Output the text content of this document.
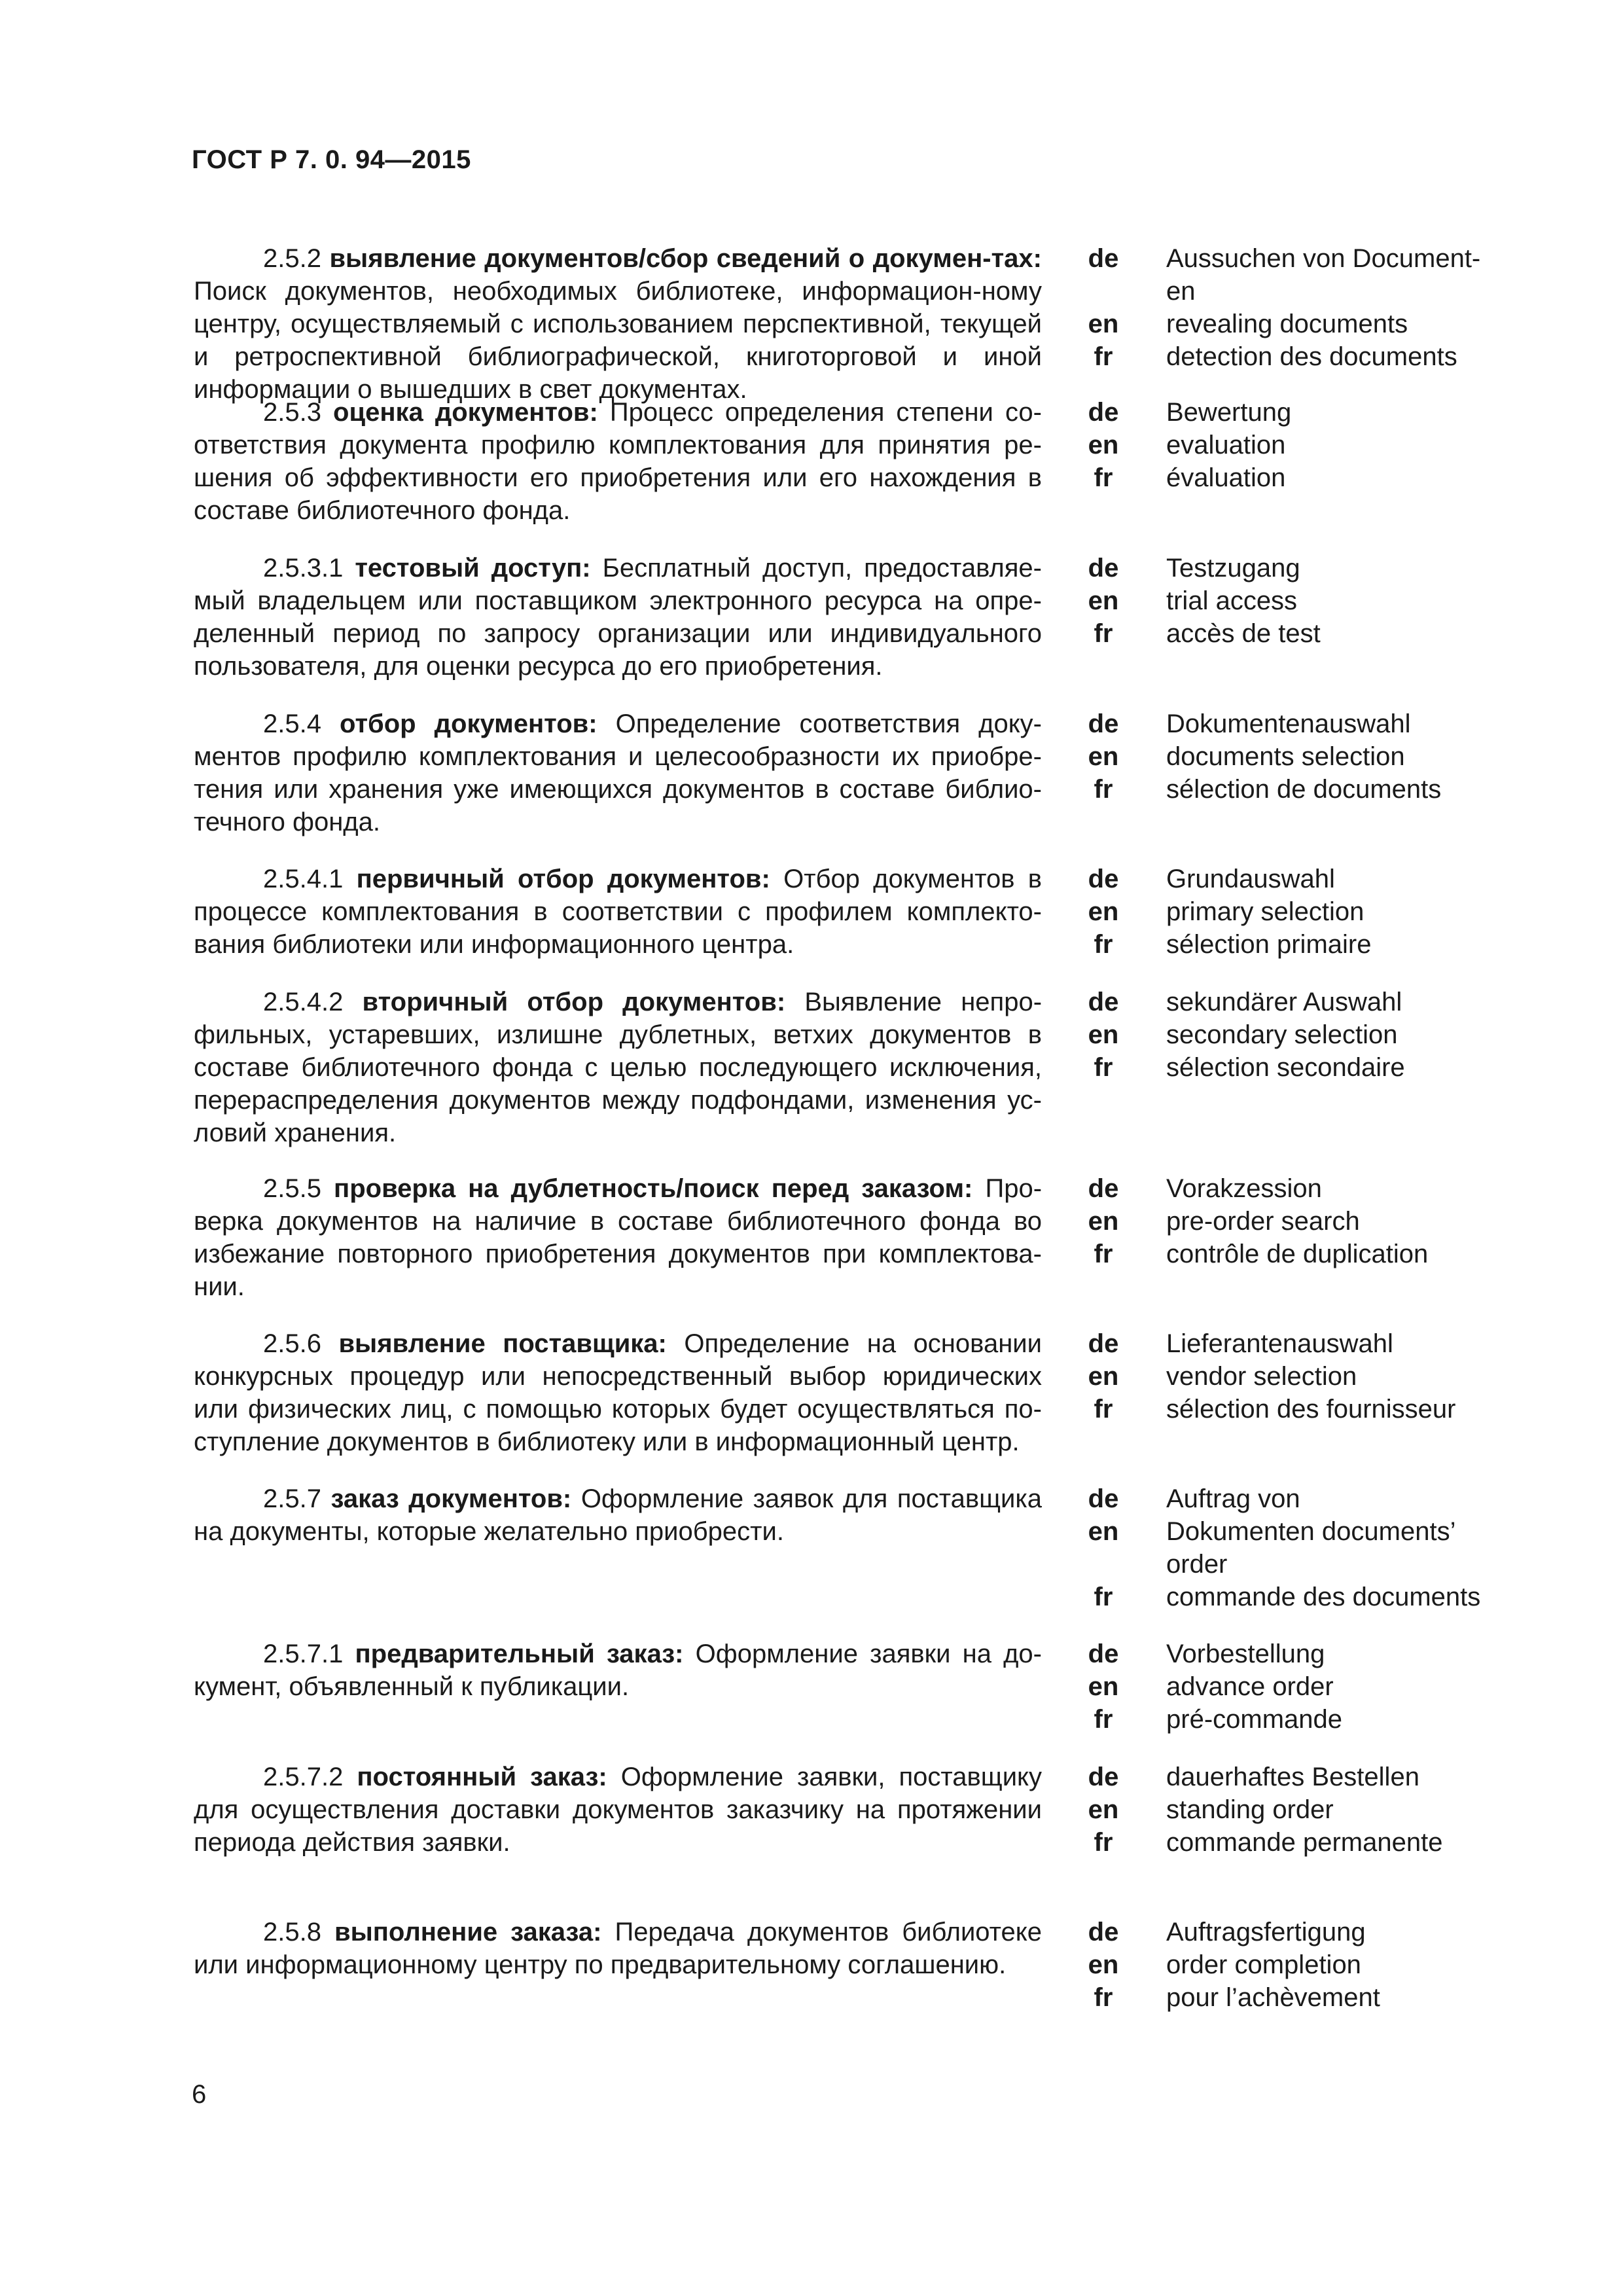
ГОСТ Р 7. 0. 94—2015
2.5.2 выявление документов/сбор сведений о докумен-тах: Поиск документов, необходимых библиотеке, информацион-ному центру, осуществляемый с использованием перспективной, текущей и ретроспективной библиографической, книготорговой и иной информации о вышедших в свет документах.
de
en
fr
Aussuchen von Document-
en
revealing documents
detection des documents
2.5.3 оценка документов: Процесс определения степени со-ответствия документа профилю комплектования для принятия ре-шения об эффективности его приобретения или его нахождения в составе библиотечного фонда.
de
en
fr
Bewertung
evaluation
évaluation
2.5.3.1 тестовый доступ: Бесплатный доступ, предоставляе-мый владельцем или поставщиком электронного ресурса на опре-деленный период по запросу организации или индивидуального пользователя, для оценки ресурса до его приобретения.
de
en
fr
Testzugang
trial access
accès de test
2.5.4 отбор документов: Определение соответствия доку-ментов профилю комплектования и целесообразности их приобре-тения или хранения уже имеющихся документов в составе библио-течного фонда.
de
en
fr
Dokumentenauswahl
documents selection
sélection de documents
2.5.4.1 первичный отбор документов: Отбор документов в процессе комплектования в соответствии с профилем комплекто-вания библиотеки или информационного центра.
de
en
fr
Grundauswahl
primary selection
sélection primaire
2.5.4.2 вторичный отбор документов: Выявление непро-фильных, устаревших, излишне дублетных, ветхих документов в составе библиотечного фонда с целью последующего исключения, перераспределения документов между подфондами, изменения ус-ловий хранения.
de
en
fr
sekundärer Auswahl
secondary selection
sélection secondaire
2.5.5 проверка на дублетность/поиск перед заказом: Про-верка документов на наличие в составе библиотечного фонда во избежание повторного приобретения документов при комплектова-нии.
de
en
fr
Vorakzession
pre-order search
contrôle de duplication
2.5.6 выявление поставщика: Определение на основании конкурсных процедур или непосредственный выбор юридических или физических лиц, с помощью которых будет осуществляться по-ступление документов в библиотеку или в информационный центр.
de
en
fr
Lieferantenauswahl
vendor selection
sélection des fournisseur
2.5.7 заказ документов: Оформление заявок для поставщика на документы, которые желательно приобрести.
de
en
fr
Auftrag von
Dokumenten documents’
order
commande des documents
2.5.7.1 предварительный заказ: Оформление заявки на до-кумент, объявленный к публикации.
de
en
fr
Vorbestellung
advance order
pré-commande
2.5.7.2 постоянный заказ: Оформление заявки, поставщику для осуществления доставки документов заказчику на протяжении периода действия заявки.
de
en
fr
dauerhaftes Bestellen
standing order
commande permanente
2.5.8 выполнение заказа: Передача документов библиотеке или информационному центру по предварительному соглашению.
de
en
fr
Auftragsfertigung
order completion
pour l’achèvement
6
